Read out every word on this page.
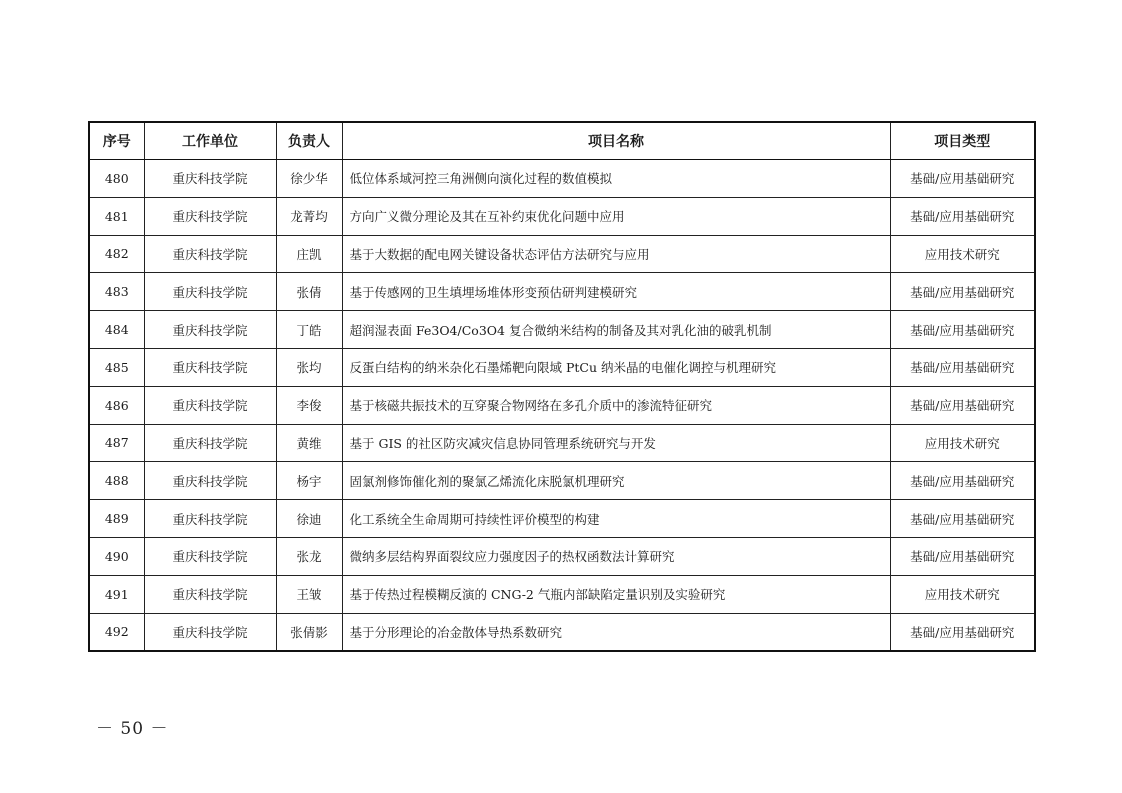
序号	工作单位	负责人	项目名称	项目类型
480	重庆科技学院	徐少华	低位体系域河控三角洲侧向演化过程的数值模拟	基础/应用基础研究
481	重庆科技学院	龙菁均	方向广义微分理论及其在互补约束优化问题中应用	基础/应用基础研究
482	重庆科技学院	庄凯	基于大数据的配电网关键设备状态评估方法研究与应用	应用技术研究
483	重庆科技学院	张倩	基于传感网的卫生填埋场堆体形变预估研判建模研究	基础/应用基础研究
484	重庆科技学院	丁皓	超润湿表面 Fe3O4/Co3O4 复合微纳米结构的制备及其对乳化油的破乳机制	基础/应用基础研究
485	重庆科技学院	张均	反蛋白结构的纳米杂化石墨烯靶向限域 PtCu 纳米晶的电催化调控与机理研究	基础/应用基础研究
486	重庆科技学院	李俊	基于核磁共振技术的互穿聚合物网络在多孔介质中的渗流特征研究	基础/应用基础研究
487	重庆科技学院	黄维	基于 GIS 的社区防灾减灾信息协同管理系统研究与开发	应用技术研究
488	重庆科技学院	杨宇	固氯剂修饰催化剂的聚氯乙烯流化床脱氯机理研究	基础/应用基础研究
489	重庆科技学院	徐迪	化工系统全生命周期可持续性评价模型的构建	基础/应用基础研究
490	重庆科技学院	张龙	微纳多层结构界面裂纹应力强度因子的热权函数法计算研究	基础/应用基础研究
491	重庆科技学院	王皱	基于传热过程模糊反演的 CNG-2 气瓶内部缺陷定量识别及实验研究	应用技术研究
492	重庆科技学院	张倩影	基于分形理论的冶金散体导热系数研究	基础/应用基础研究
－ 50 －
